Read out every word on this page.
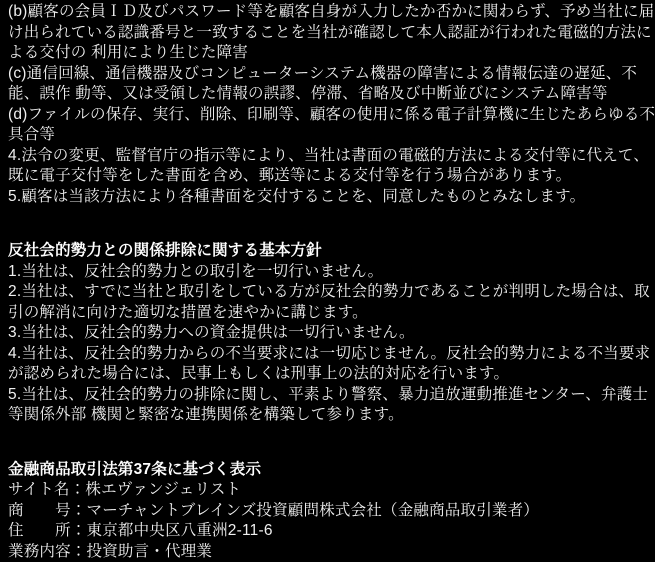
(b)顧客の会員ＩＤ及びパスワード等を顧客自身が入力したか否かに関わらず、予め当社に届
け出られている認識番号と一致することを当社が確認して本人認証が行われた電磁的方法に
よる交付の 利用により生じた障害
(c)通信回線、通信機器及びコンピューターシステム機器の障害による情報伝達の遅延、不
能、誤作 動等、又は受領した情報の誤謬、停滞、省略及び中断並びにシステム障害等
(d)ファイルの保存、実行、削除、印刷等、顧客の使用に係る電子計算機に生じたあらゆる不
具合等
4.法令の変更、監督官庁の指示等により、当社は書面の電磁的方法による交付等に代えて、
既に電子交付等をした書面を含め、郵送等による交付等を行う場合があります。
5.顧客は当該方法により各種書面を交付することを、同意したものとみなします。
反社会的勢力との関係排除に関する基本方針
1.当社は、反社会的勢力との取引を一切行いません。
2.当社は、すでに当社と取引をしている方が反社会的勢力であることが判明した場合は、取
引の解消に向けた適切な措置を速やかに講じます。
3.当社は、反社会的勢力への資金提供は一切行いません。
4.当社は、反社会的勢力からの不当要求には一切応じません。反社会的勢力による不当要求
が認められた場合には、民事上もしくは刑事上の法的対応を行います。
5.当社は、反社会的勢力の排除に関し、平素より警察、暴力追放運動推進センター、弁護士
等関係外部 機関と緊密な連携関係を構築して参ります。
金融商品取引法第37条に基づく表示
サイト名：株エヴァンジェリスト
商　　号：マーチャントブレインズ投資顧問株式会社（金融商品取引業者）
住　　所：東京都中央区八重洲2-11-6
業務内容：投資助言・代理業
